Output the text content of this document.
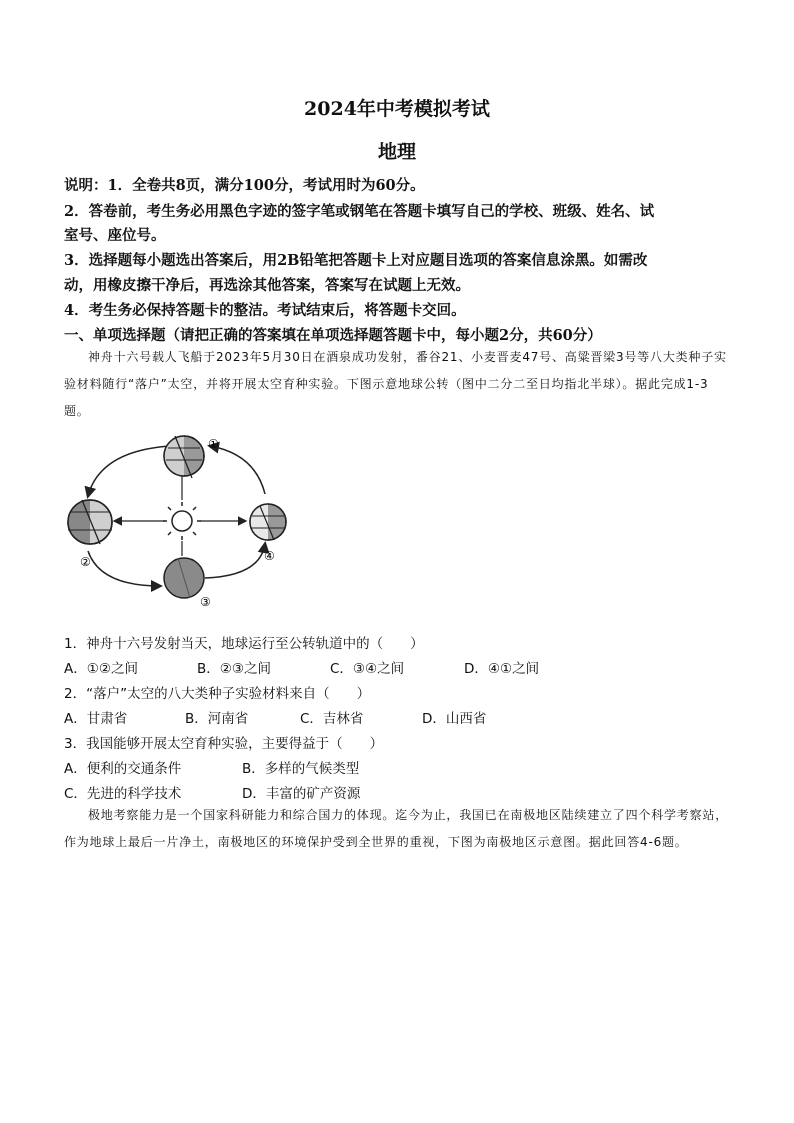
2024年中考模拟考试
地理
说明：1．全卷共8页，满分100分，考试用时为60分。
2．答卷前，考生务必用黑色字迹的签字笔或钢笔在答题卡填写自己的学校、班级、姓名、试
室号、座位号。
3．选择题每小题选出答案后，用2B铅笔把答题卡上对应题目选项的答案信息涂黑。如需改
动，用橡皮擦干净后，再选涂其他答案，答案写在试题上无效。
4．考生务必保持答题卡的整洁。考试结束后，将答题卡交回。
一、单项选择题（请把正确的答案填在单项选择题答题卡中，每小题2分，共60分）
神舟十六号载人飞船于2023年5月30日在酒泉成功发射，番谷21、小麦晋麦47号、高粱晋梁3号等八大类种子实验材料随行“落户”太空，并将开展太空育种实验。下图示意地球公转（图中二分二至日均指北半球）。据此完成1-3题。
①
②
③
④
1．神舟十六号发射当天，地球运行至公转轨道中的（　　）
A．①②之间	B．②③之间	C．③④之间	D．④①之间
2．“落户”太空的八大类种子实验材料来自（　　）
A．甘肃省	B．河南省	C．吉林省	D．山西省
3．我国能够开展太空育种实验，主要得益于（　　）
A．便利的交通条件	B．多样的气候类型
C．先进的科学技术	D．丰富的矿产资源
极地考察能力是一个国家科研能力和综合国力的体现。迄今为止，我国已在南极地区陆续建立了四个科学考察站，作为地球上最后一片净土，南极地区的环境保护受到全世界的重视，下图为南极地区示意图。据此回答4-6题。
